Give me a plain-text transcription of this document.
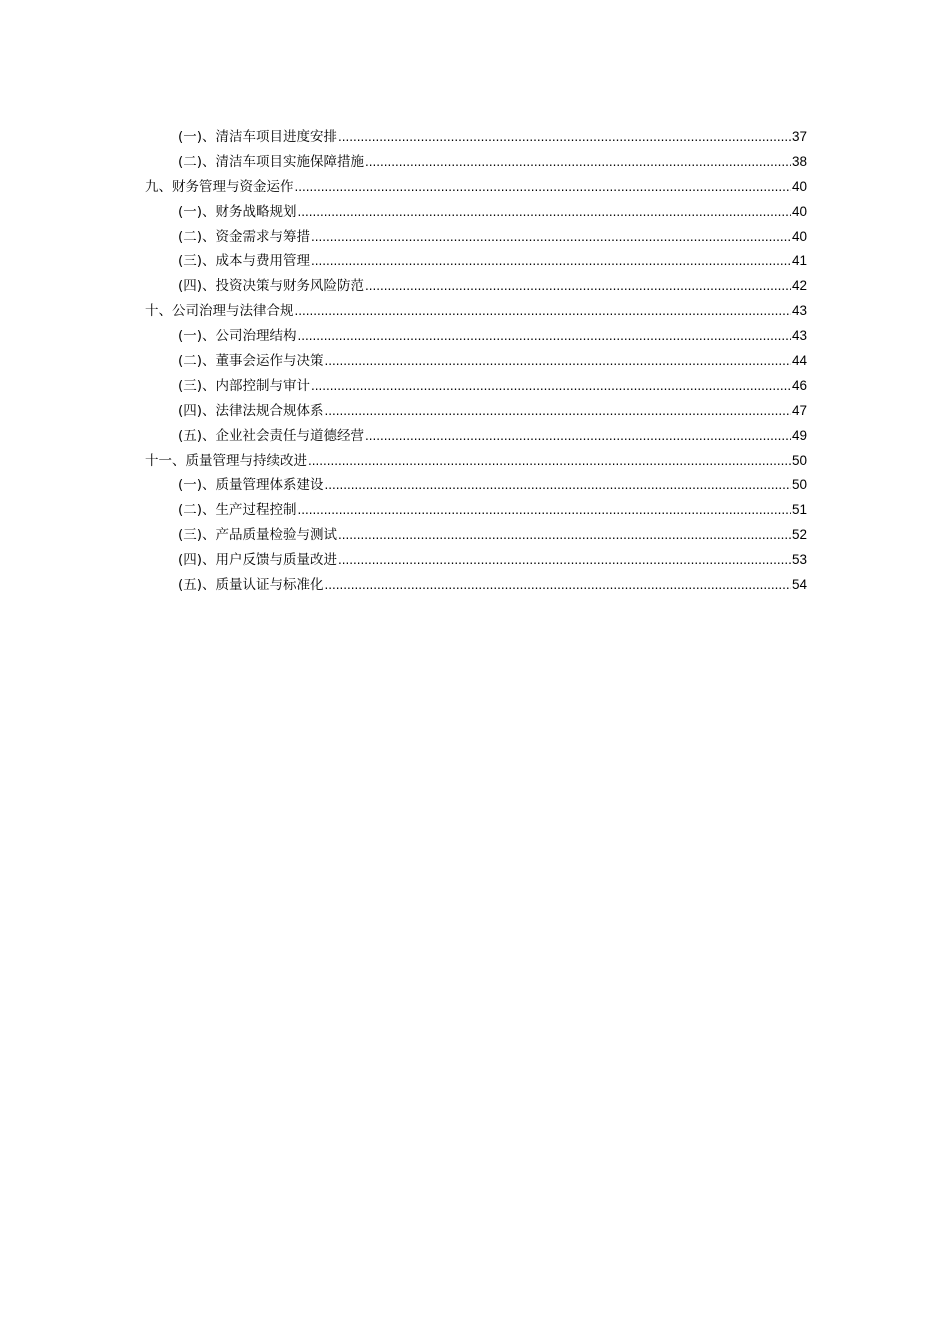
(一)、清洁车项目进度安排 .....	37
(二)、清洁车项目实施保障措施 .....	38
九、财务管理与资金运作 .....	40
(一)、财务战略规划 .....	40
(二)、资金需求与筹措 .....	40
(三)、成本与费用管理 .....	41
(四)、投资决策与财务风险防范 .....	42
十、公司治理与法律合规 .....	43
(一)、公司治理结构 .....	43
(二)、董事会运作与决策 .....	44
(三)、内部控制与审计 .....	46
(四)、法律法规合规体系 .....	47
(五)、企业社会责任与道德经营 .....	49
十一、质量管理与持续改进 .....	50
(一)、质量管理体系建设 .....	50
(二)、生产过程控制 .....	51
(三)、产品质量检验与测试 .....	52
(四)、用户反馈与质量改进 .....	53
(五)、质量认证与标准化 .....	54
